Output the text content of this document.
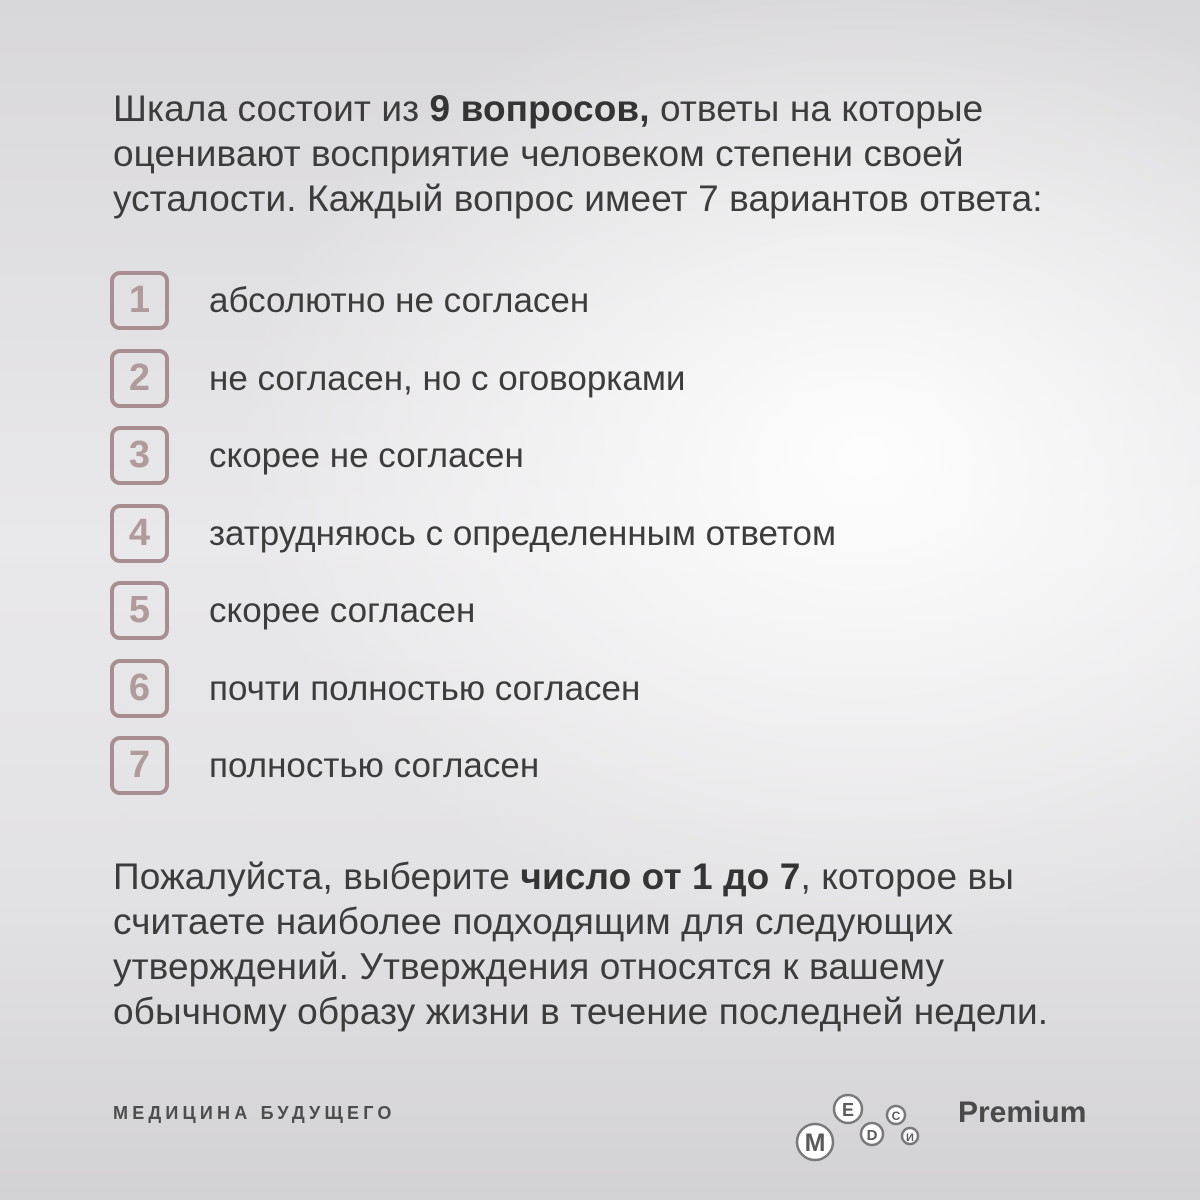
Шкала состоит из 9 вопросов, ответы на которые оценивают восприятие человеком степени своей усталости. Каждый вопрос имеет 7 вариантов ответа:

1	абсолютно не согласен
2	не согласен, но с оговорками
3	скорее не согласен
4	затрудняюсь с определенным ответом
5	скорее согласен
6	почти полностью согласен
7	полностью согласен

Пожалуйста, выберите число от 1 до 7, которое вы считаете наиболее подходящим для следующих утверждений. Утверждения относятся к вашему обычному образу жизни в течение последней недели.

МЕДИЦИНА БУДУЩЕГО
М
Е
D
С
И
Premium
